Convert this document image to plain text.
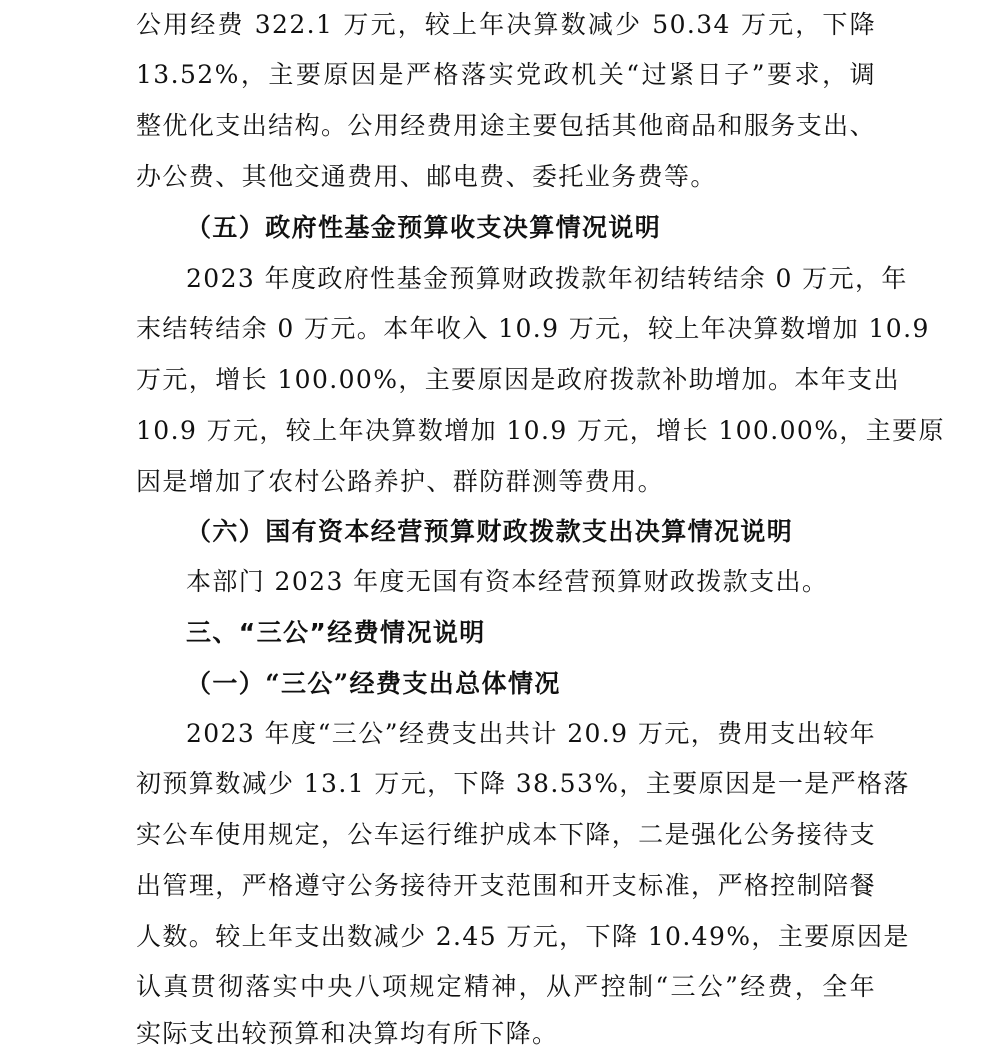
公用经费 322.1 万元，较上年决算数减少 50.34 万元，下降
13.52%，主要原因是严格落实党政机关“过紧日子”要求，调
整优化支出结构。公用经费用途主要包括其他商品和服务支出、
办公费、其他交通费用、邮电费、委托业务费等。
（五）政府性基金预算收支决算情况说明
2023 年度政府性基金预算财政拨款年初结转结余 0 万元，年
末结转结余 0 万元。本年收入 10.9 万元，较上年决算数增加 10.9
万元，增长 100.00%，主要原因是政府拨款补助增加。本年支出
10.9 万元，较上年决算数增加 10.9 万元，增长 100.00%，主要原
因是增加了农村公路养护、群防群测等费用。
（六）国有资本经营预算财政拨款支出决算情况说明
本部门 2023 年度无国有资本经营预算财政拨款支出。
三、“三公”经费情况说明
（一）“三公”经费支出总体情况
2023 年度“三公”经费支出共计 20.9 万元，费用支出较年
初预算数减少 13.1 万元，下降 38.53%，主要原因是一是严格落
实公车使用规定，公车运行维护成本下降，二是强化公务接待支
出管理，严格遵守公务接待开支范围和开支标准，严格控制陪餐
人数。较上年支出数减少 2.45 万元，下降 10.49%，主要原因是
认真贯彻落实中央八项规定精神，从严控制“三公”经费，全年
实际支出较预算和决算均有所下降。
